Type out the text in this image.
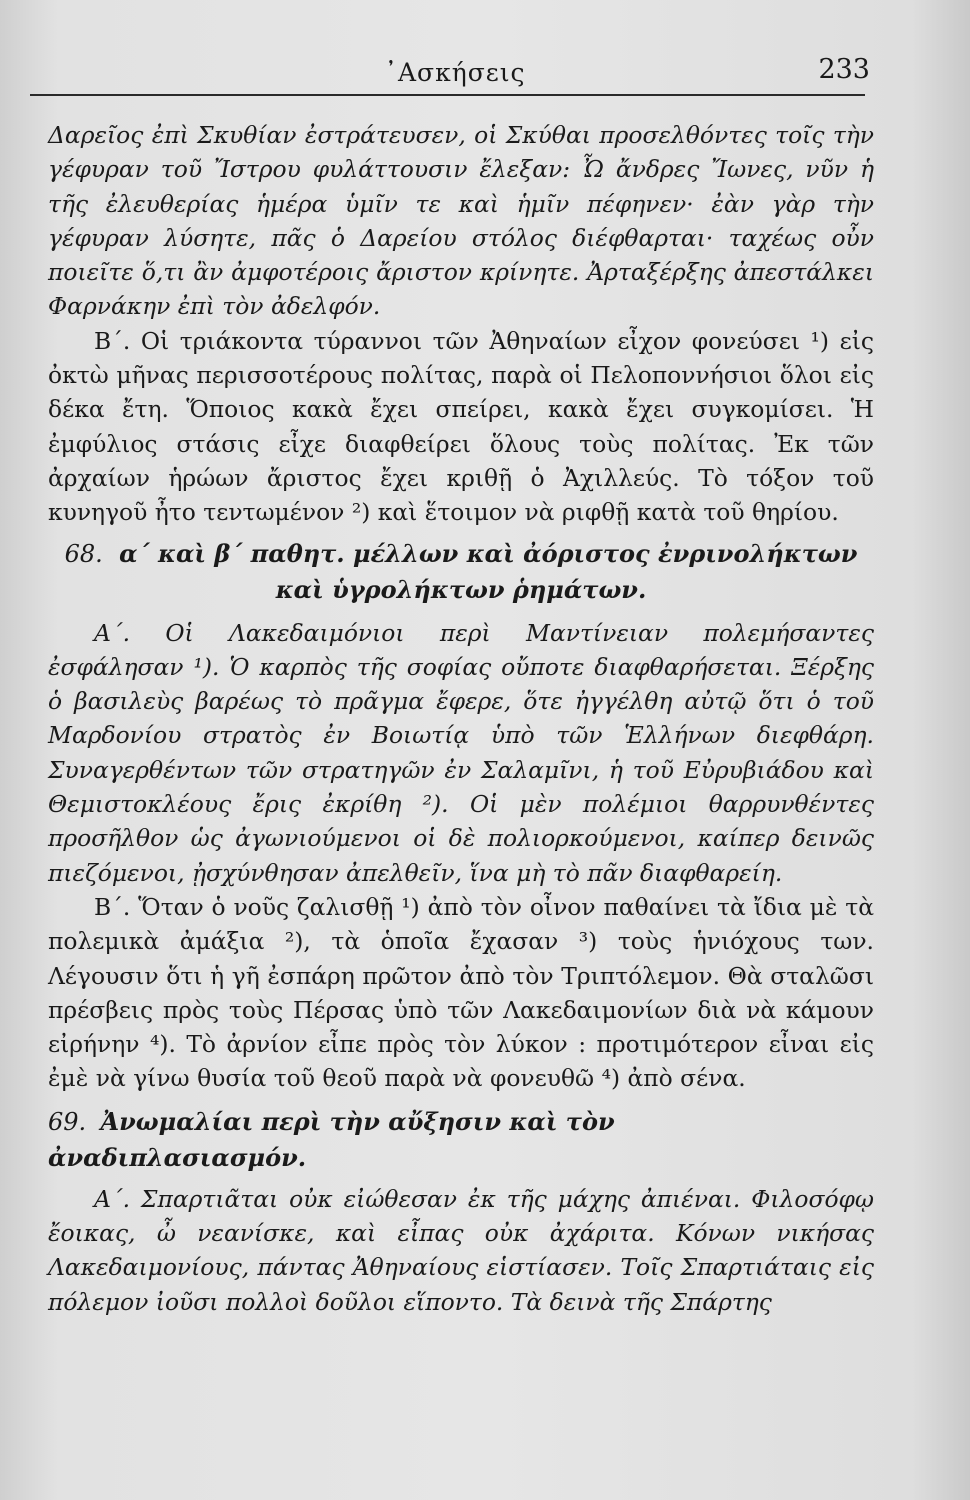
᾿Ασκήσεις	233

Δαρεῖος ἐπὶ Σκυθίαν ἐστράτευσεν, οἱ Σκύθαι προσελθόντες τοῖς τὴν γέφυραν τοῦ Ἴστρου φυλάττουσιν ἔλεξαν: Ὦ ἄνδρες Ἴωνες, νῦν ἡ τῆς ἐλευθερίας ἡμέρα ὑμῖν τε καὶ ἡμῖν πέφηνεν· ἐὰν γὰρ τὴν γέφυραν λύσητε, πᾶς ὁ Δαρείου στόλος διέφθαρται· ταχέως οὖν ποιεῖτε ὅ,τι ἂν ἀμφοτέροις ἄριστον κρίνητε. Ἀρταξέρξης ἀπεστάλκει Φαρνάκην ἐπὶ τὸν ἀδελφόν.

Β΄. Οἱ τριάκοντα τύραννοι τῶν Ἀθηναίων εἶχον φονεύσει ¹) εἰς ὀκτὼ μῆνας περισσοτέρους πολίτας, παρὰ οἱ Πελοποννήσιοι ὅλοι εἰς δέκα ἔτη. Ὅποιος κακὰ ἔχει σπείρει, κακὰ ἔχει συγκομίσει. Ἡ ἐμφύλιος στάσις εἶχε διαφθείρει ὅλους τοὺς πολίτας. Ἐκ τῶν ἀρχαίων ἡρώων ἄριστος ἔχει κριθῇ ὁ Ἀχιλλεύς. Τὸ τόξον τοῦ κυνηγοῦ ἦτο τεντωμένον ²) καὶ ἕτοιμον νὰ ριφθῇ κατὰ τοῦ θηρίου.

68. α΄ καὶ β΄ παθητ. μέλλων καὶ ἀόριστος ἐνρινολήκτων καὶ ὑγρολήκτων ῥημάτων.

Α΄. Οἱ Λακεδαιμόνιοι περὶ Μαντίνειαν πολεμήσαντες ἐσφάλησαν ¹). Ὁ καρπὸς τῆς σοφίας οὔποτε διαφθαρήσεται. Ξέρξης ὁ βασιλεὺς βαρέως τὸ πρᾶγμα ἔφερε, ὅτε ἠγγέλθη αὐτῷ ὅτι ὁ τοῦ Μαρδονίου στρατὸς ἐν Βοιωτίᾳ ὑπὸ τῶν Ἑλλήνων διεφθάρη. Συναγερθέντων τῶν στρατηγῶν ἐν Σαλαμῖνι, ἡ τοῦ Εὐρυβιάδου καὶ Θεμιστοκλέους ἔρις ἐκρίθη ²). Οἱ μὲν πολέμιοι θαρρυνθέντες προσῆλθον ὡς ἀγωνιούμενοι οἱ δὲ πολιορκούμενοι, καίπερ δεινῶς πιεζόμενοι, ᾐσχύνθησαν ἀπελθεῖν, ἵνα μὴ τὸ πᾶν διαφθαρείη.

Β΄. Ὅταν ὁ νοῦς ζαλισθῇ ¹) ἀπὸ τὸν οἶνον παθαίνει τὰ ἴδια μὲ τὰ πολεμικὰ ἀμάξια ²), τὰ ὁποῖα ἔχασαν ³) τοὺς ἡνιόχους των. Λέγουσιν ὅτι ἡ γῆ ἐσπάρη πρῶτον ἀπὸ τὸν Τριπτόλεμον. Θὰ σταλῶσι πρέσβεις πρὸς τοὺς Πέρσας ὑπὸ τῶν Λακεδαιμονίων διὰ νὰ κάμουν εἰρήνην ⁴). Τὸ ἀρνίον εἶπε πρὸς τὸν λύκον : προτιμότερον εἶναι εἰς ἐμὲ νὰ γίνω θυσία τοῦ θεοῦ παρὰ νὰ φονευθῶ ⁴) ἀπὸ σένα.

69. Ἀνωμαλίαι περὶ τὴν αὔξησιν καὶ τὸν ἀναδιπλασιασμόν.

Α΄. Σπαρτιᾶται οὐκ εἰώθεσαν ἐκ τῆς μάχης ἀπιέναι. Φιλοσόφῳ ἔοικας, ὦ νεανίσκε, καὶ εἶπας οὐκ ἀχάριτα. Κόνων νικήσας Λακεδαιμονίους, πάντας Ἀθηναίους εἱστίασεν. Τοῖς Σπαρτιάταις εἰς πόλεμον ἰοῦσι πολλοὶ δοῦλοι εἵποντο. Τὰ δεινὰ τῆς Σπάρτης
